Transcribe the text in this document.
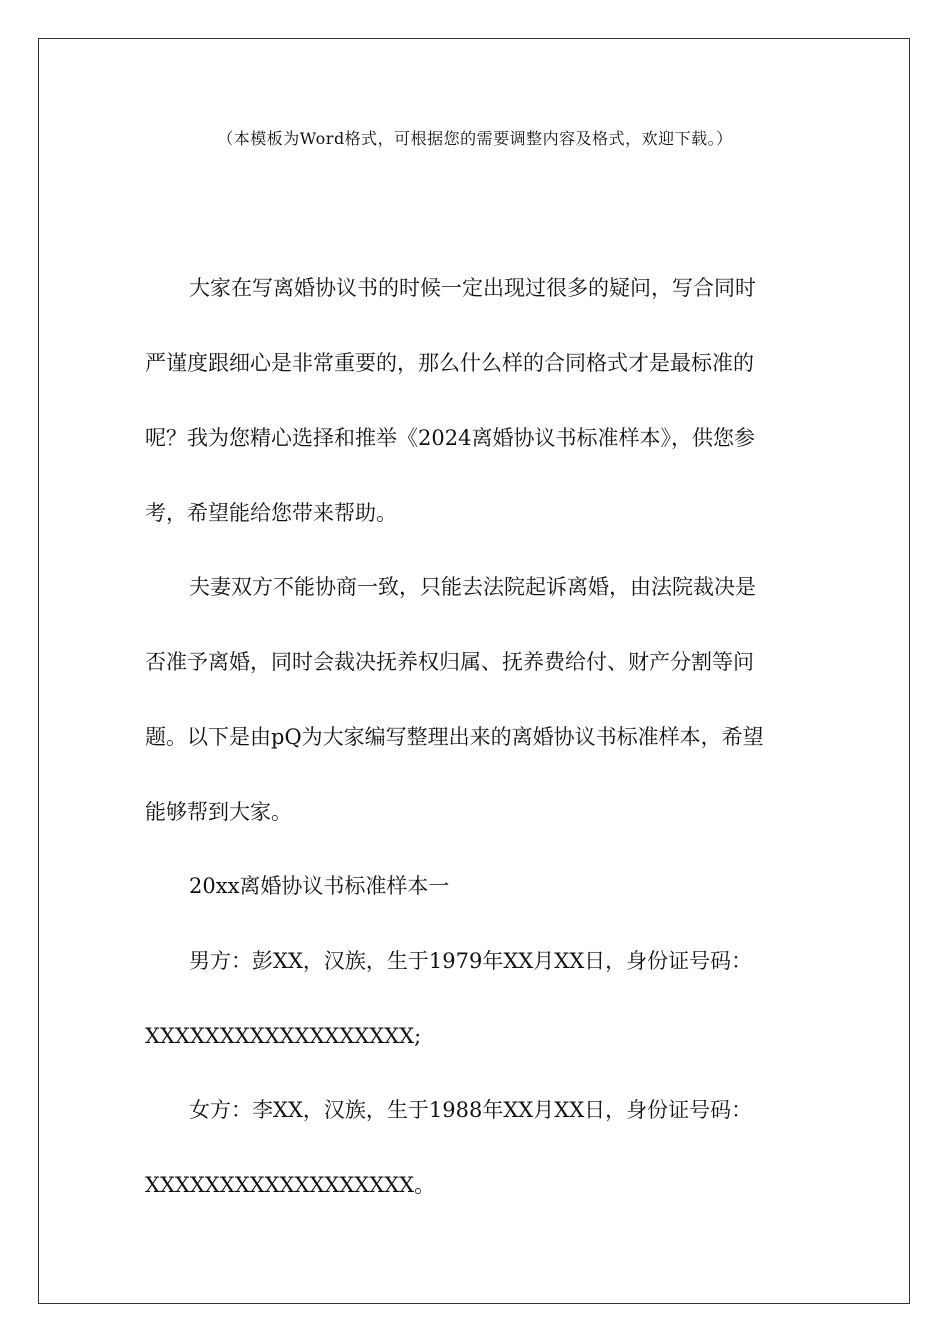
（本模板为Word格式，可根据您的需要调整内容及格式，欢迎下载。）
大家在写离婚协议书的时候一定出现过很多的疑问，写合同时
严谨度跟细心是非常重要的，那么什么样的合同格式才是最标准的
呢？我为您精心选择和推举《2024离婚协议书标准样本》，供您参
考，希望能给您带来帮助。
夫妻双方不能协商一致，只能去法院起诉离婚，由法院裁决是
否准予离婚，同时会裁决抚养权归属、抚养费给付、财产分割等问
题。以下是由pQ为大家编写整理出来的离婚协议书标准样本，希望
能够帮到大家。
20xx离婚协议书标准样本一
男方：彭XX，汉族，生于1979年XX月XX日，身份证号码：
XXXXXXXXXXXXXXXXXX;
女方：李XX，汉族，生于1988年XX月XX日，身份证号码：
XXXXXXXXXXXXXXXXXX。
